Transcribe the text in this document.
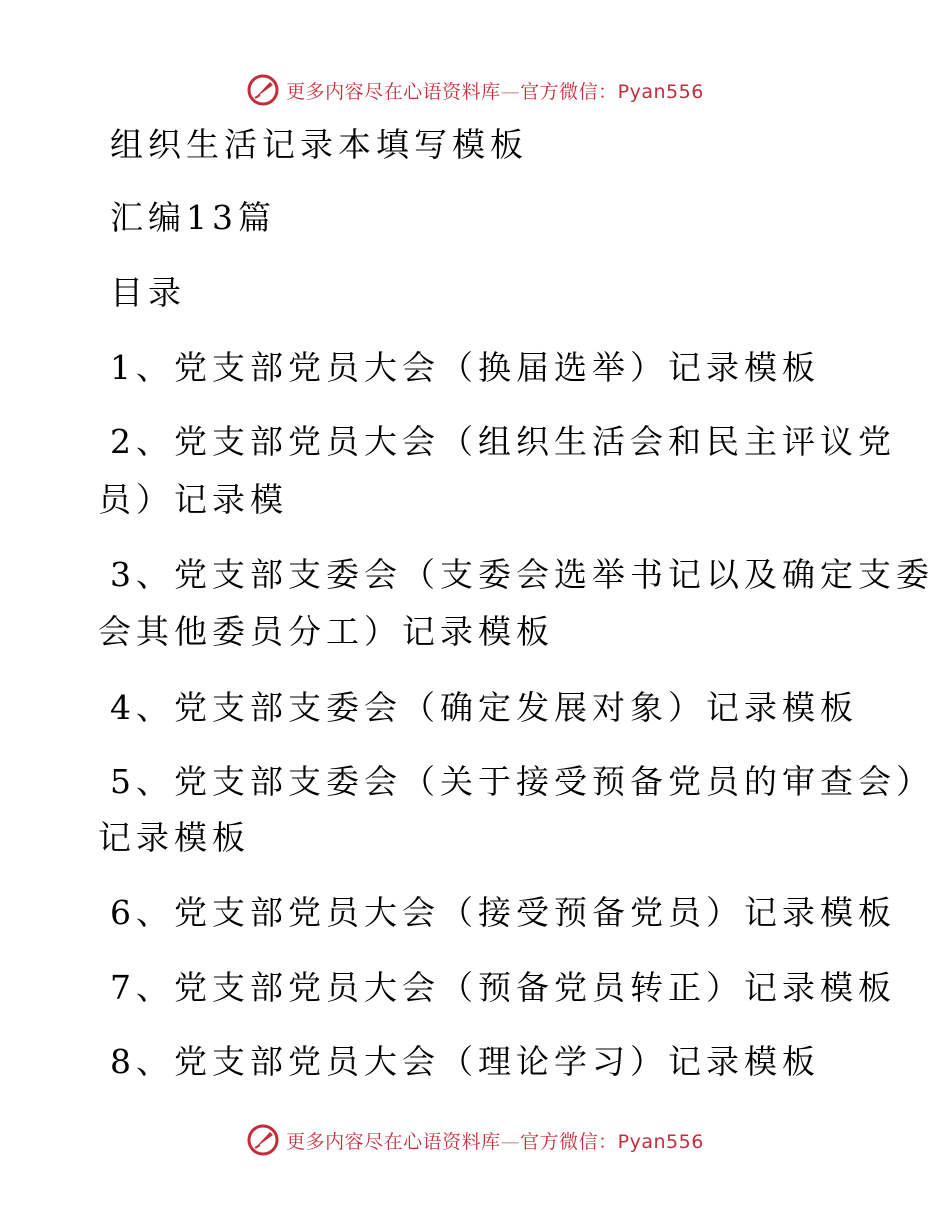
更多内容尽在心语资料库—官方微信：Pyan556
组织生活记录本填写模板
汇编13篇
目录
1、党支部党员大会（换届选举）记录模板
2、党支部党员大会（组织生活会和民主评议党
员）记录模
3、党支部支委会（支委会选举书记以及确定支委
会其他委员分工）记录模板
4、党支部支委会（确定发展对象）记录模板
5、党支部支委会（关于接受预备党员的审查会）
记录模板
6、党支部党员大会（接受预备党员）记录模板
7、党支部党员大会（预备党员转正）记录模板
8、党支部党员大会（理论学习）记录模板
更多内容尽在心语资料库—官方微信：Pyan556
